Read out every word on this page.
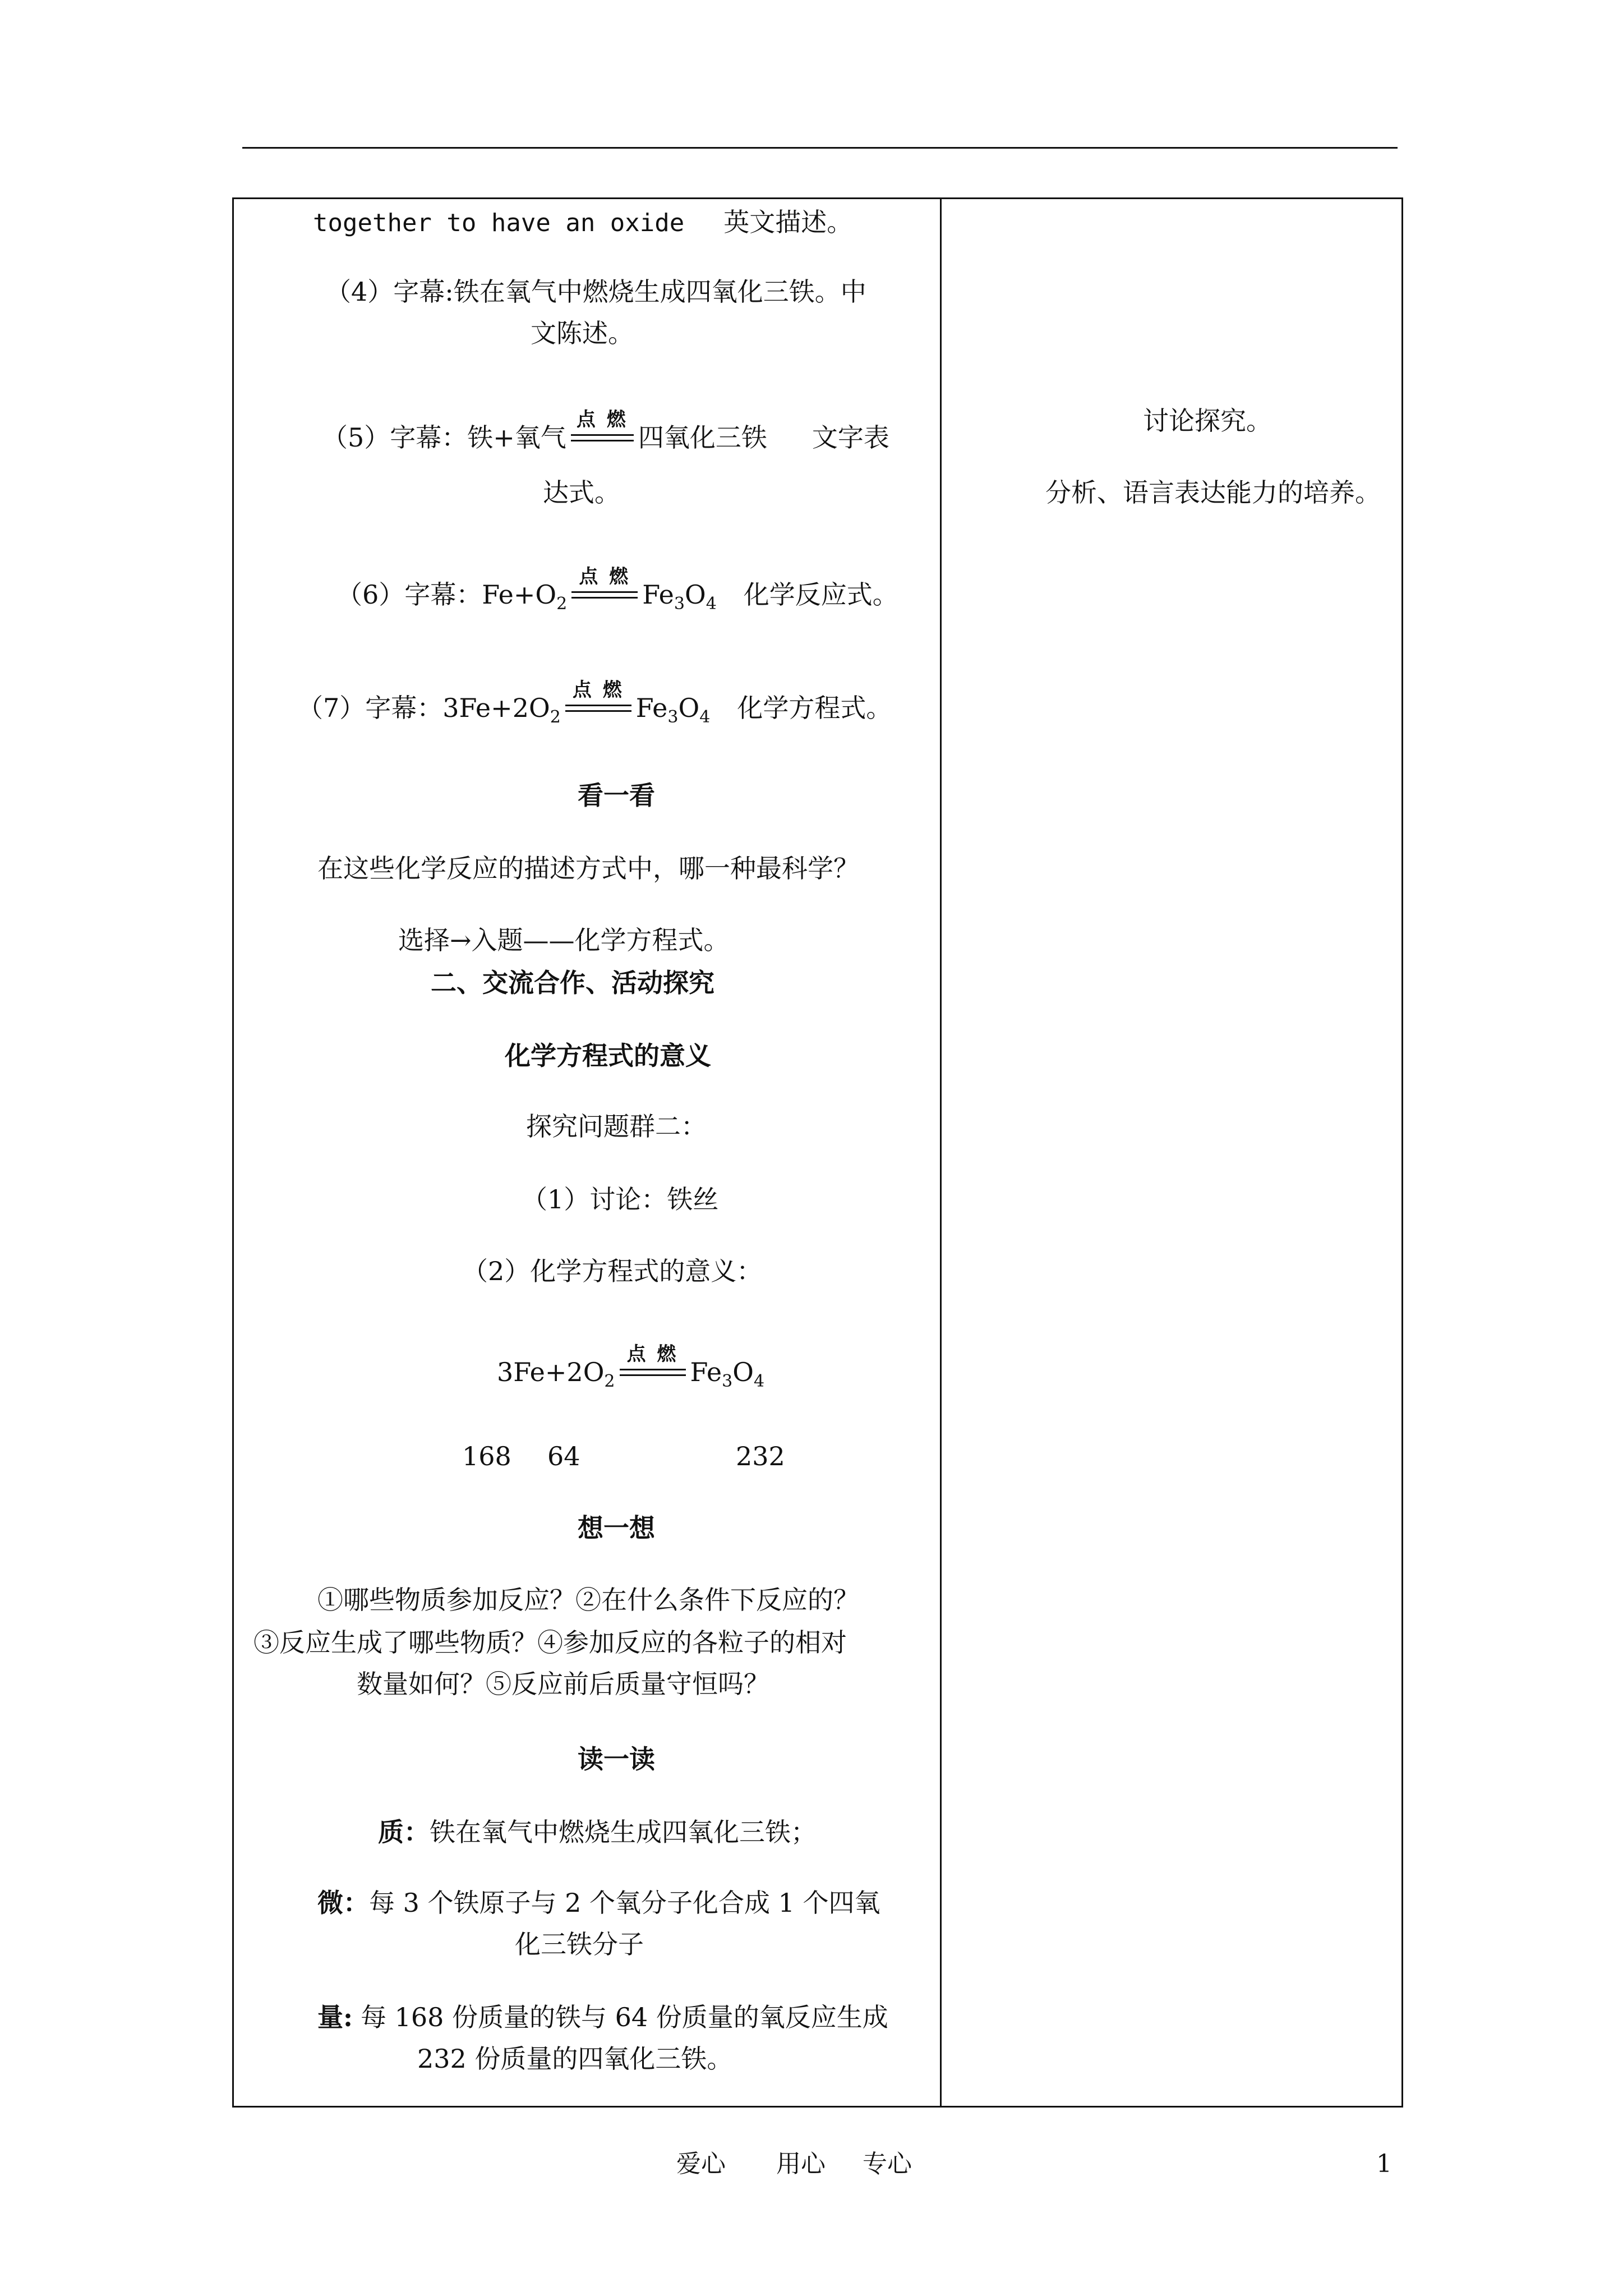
together to have an oxide 英文描述。
（4）字幕:铁在氧气中燃烧生成四氧化三铁。中
文陈述。
（5）字幕：铁+氧气
点 燃
四氧化三铁 文字表
达式。
（6）字幕：$Fe+O_2$
点 燃
$Fe_3O_4$ 化学反应式。
（7）字幕：$3Fe+2O_2$
点 燃
$Fe_3O_4$ 化学方程式。
看一看
在这些化学反应的描述方式中，哪一种最科学？
选择→入题——化学方程式。
二、交流合作、活动探究
化学方程式的意义
探究问题群二：
（1）讨论：铁丝
（2）化学方程式的意义：
$3Fe+2O_2$
点 燃
$Fe_3O_4$
168 64	232
想一想
①哪些物质参加反应？②在什么条件下反应的？
③反应生成了哪些物质？④参加反应的各粒子的相对
数量如何？⑤反应前后质量守恒吗？
读一读
质：铁在氧气中燃烧生成四氧化三铁；
微：每 3 个铁原子与 2 个氧分子化合成 1 个四氧
化三铁分子
量: 每 168 份质量的铁与 64 份质量的氧反应生成
232 份质量的四氧化三铁。
讨论探究。
分析、语言表达能力的培养。
爱心 用心 专心	1
